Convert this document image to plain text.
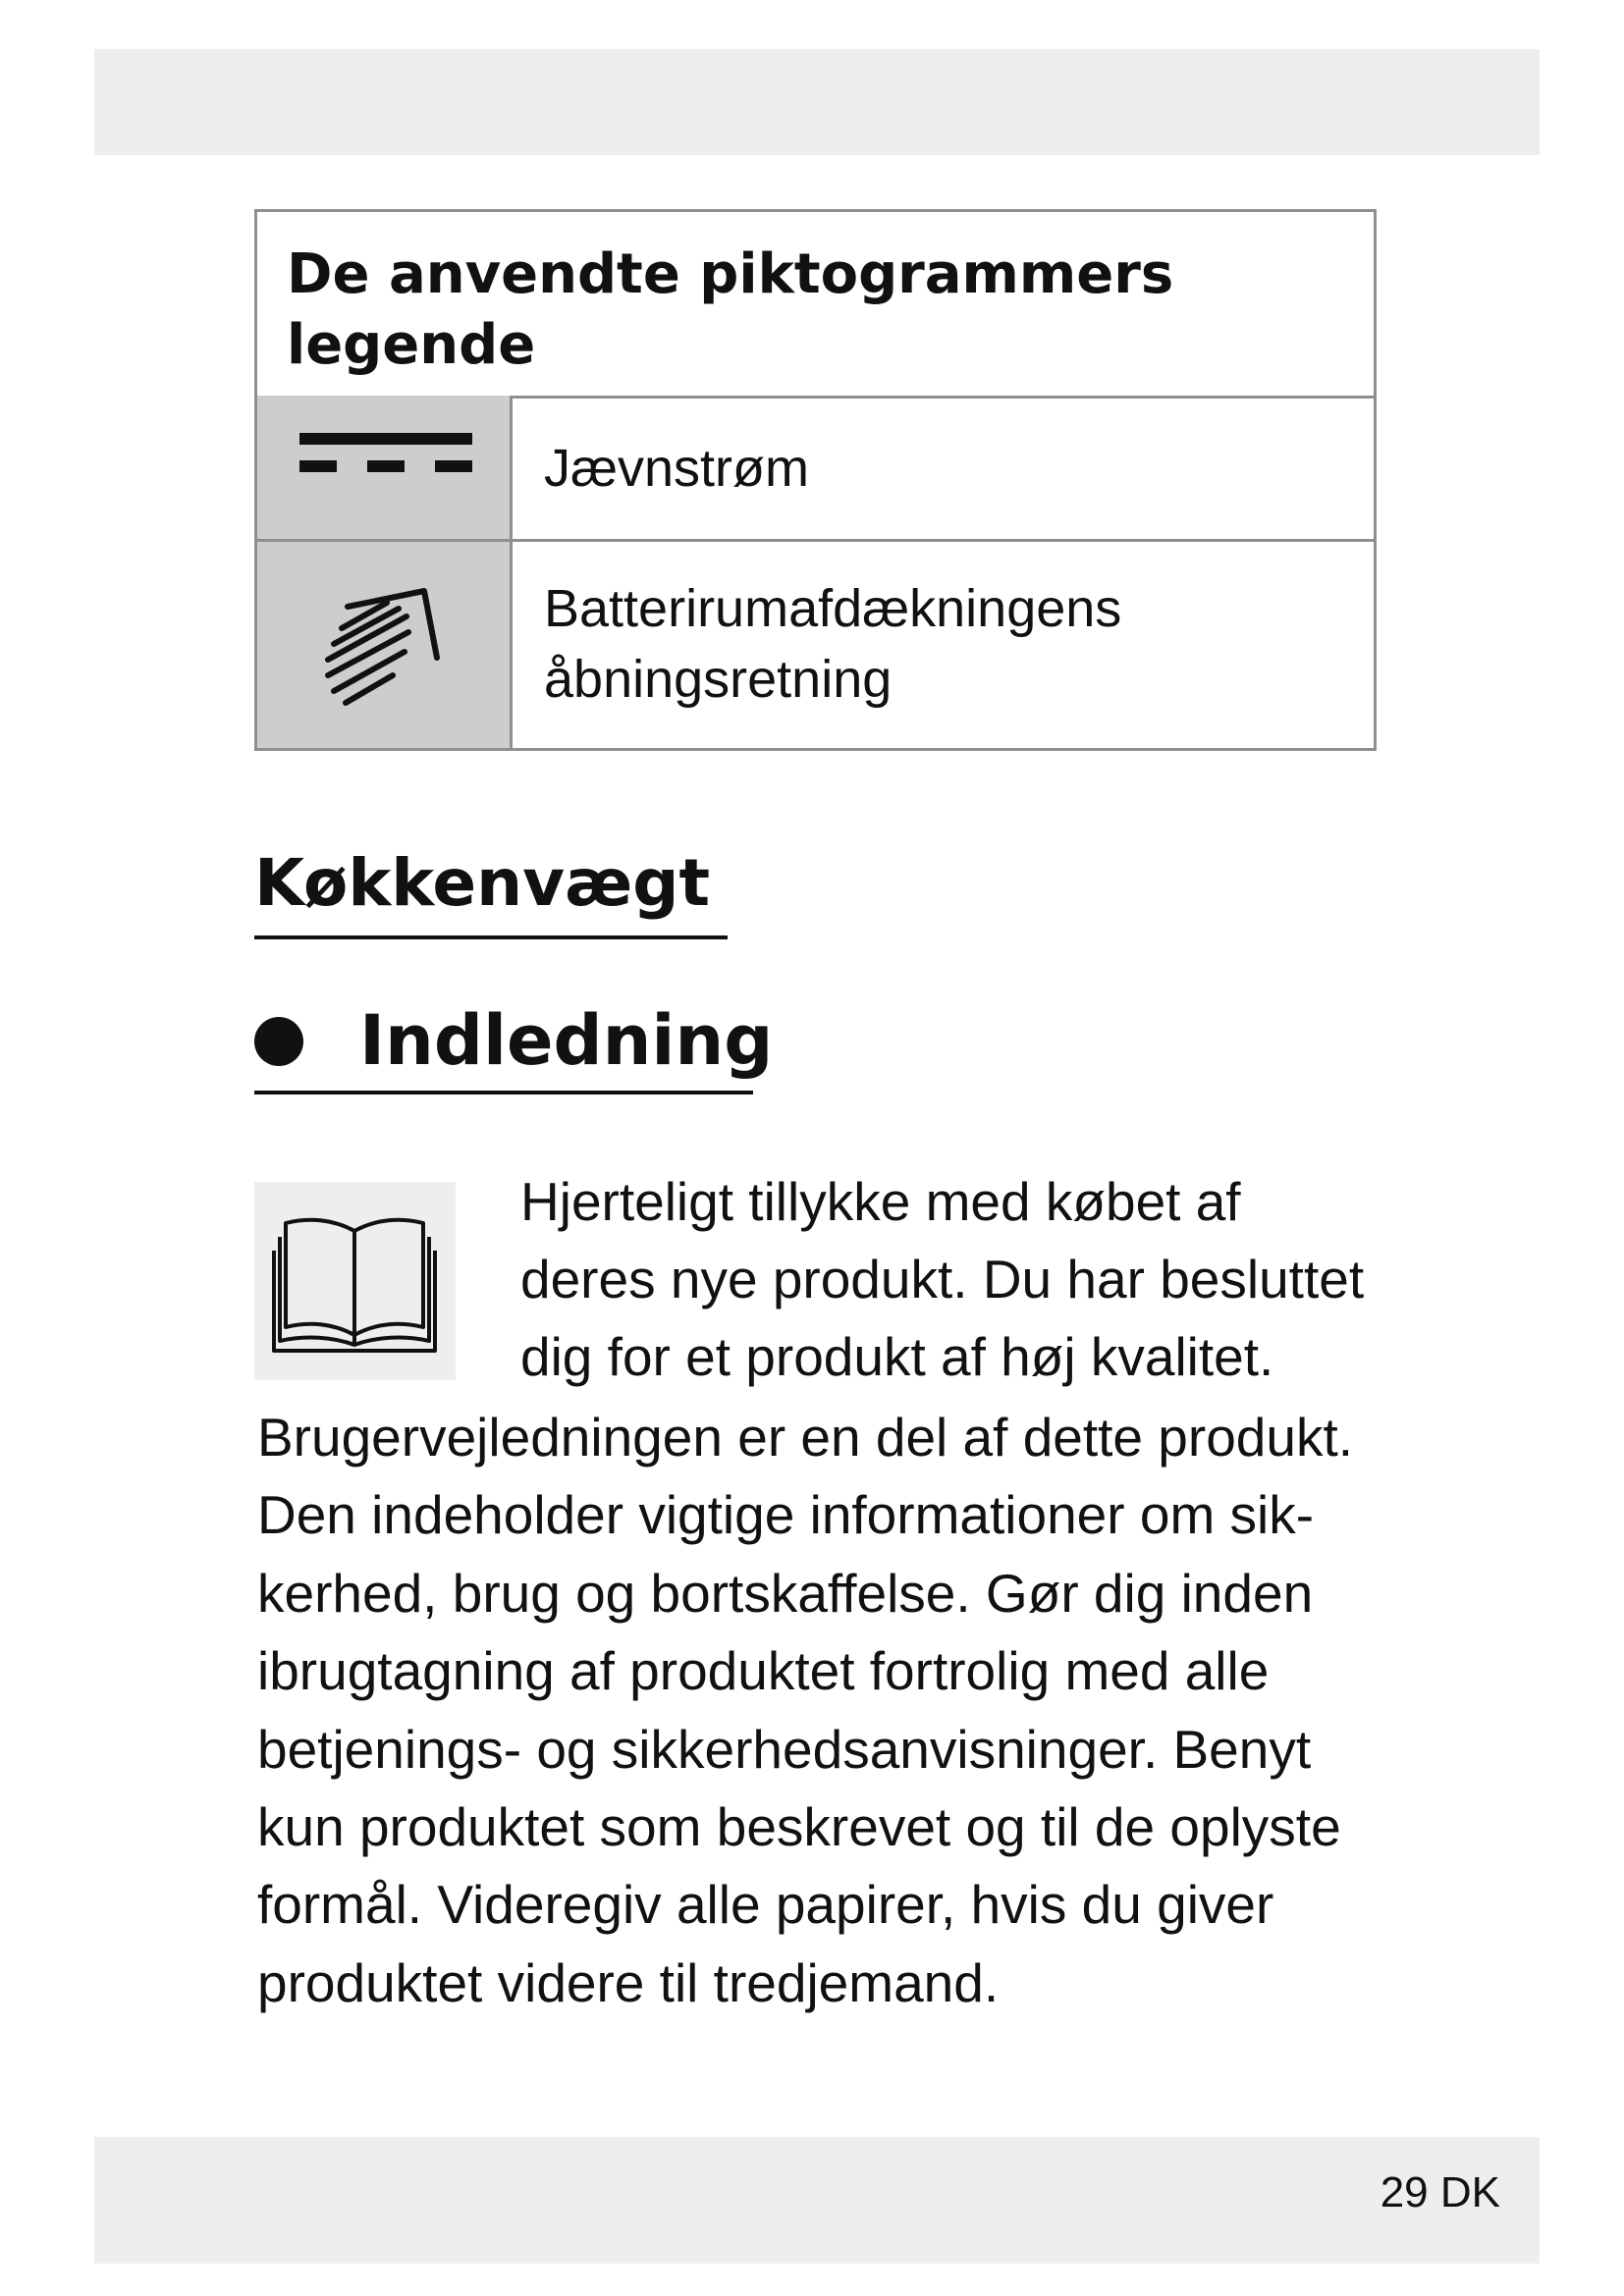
De anvendte piktogrammers legende
Jævnstrøm
Batterirumafdækningens åbningsretning
Køkkenvægt
Indledning
Hjerteligt tillykke med købet af
deres nye produkt. Du har besluttet
dig for et produkt af høj kvalitet.
Brugervejledningen er en del af dette produkt.
Den indeholder vigtige informationer om sik-
kerhed, brug og bortskaffelse. Gør dig inden
ibrugtagning af produktet fortrolig med alle
betjenings- og sikkerhedsanvisninger. Benyt
kun produktet som beskrevet og til de oplyste
formål. Videregiv alle papirer, hvis du giver
produktet videre til tredjemand.
29 DK
